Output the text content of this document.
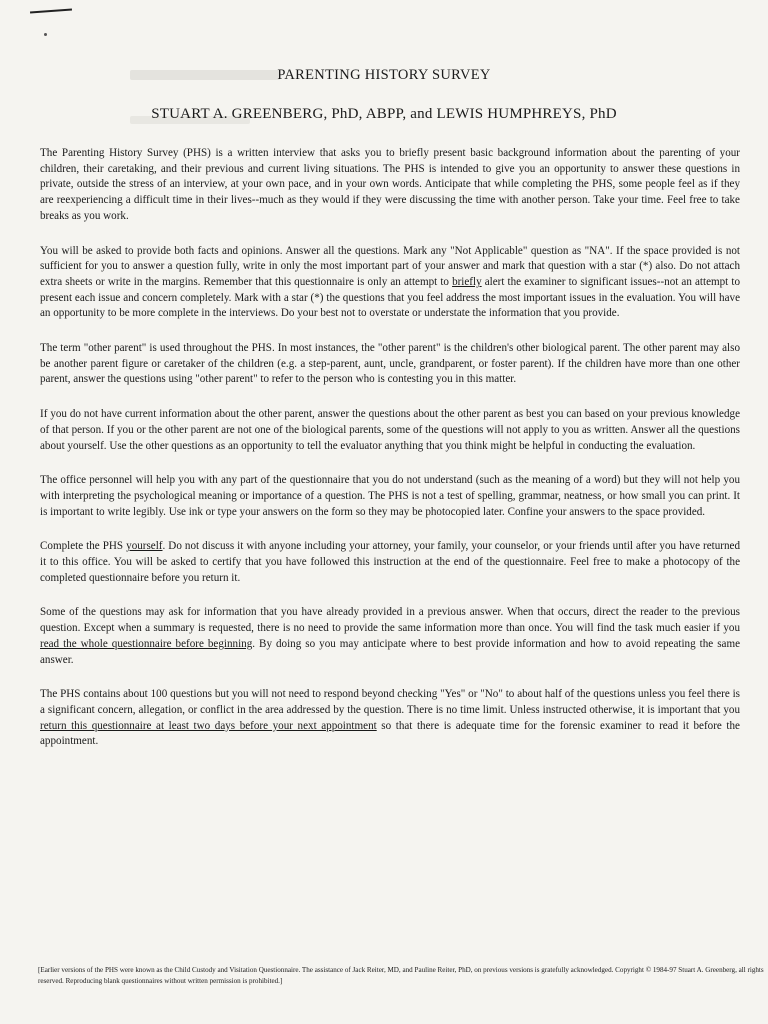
PARENTING HISTORY SURVEY
STUART A. GREENBERG, PhD, ABPP, and LEWIS HUMPHREYS, PhD

The Parenting History Survey (PHS) is a written interview that asks you to briefly present basic background information about the parenting of your children, their caretaking, and their previous and current living situations. The PHS is intended to give you an opportunity to answer these questions in private, outside the stress of an interview, at your own pace, and in your own words. Anticipate that while completing the PHS, some people feel as if they are reexperiencing a difficult time in their lives--much as they would if they were discussing the time with another person. Take your time. Feel free to take breaks as you work.

You will be asked to provide both facts and opinions. Answer all the questions. Mark any "Not Applicable" question as "NA". If the space provided is not sufficient for you to answer a question fully, write in only the most important part of your answer and mark that question with a star (*) also. Do not attach extra sheets or write in the margins. Remember that this questionnaire is only an attempt to briefly alert the examiner to significant issues--not an attempt to present each issue and concern completely. Mark with a star (*) the questions that you feel address the most important issues in the evaluation. You will have an opportunity to be more complete in the interviews. Do your best not to overstate or understate the information that you provide.

The term "other parent" is used throughout the PHS. In most instances, the "other parent" is the children's other biological parent. The other parent may also be another parent figure or caretaker of the children (e.g. a step-parent, aunt, uncle, grandparent, or foster parent). If the children have more than one other parent, answer the questions using "other parent" to refer to the person who is contesting you in this matter.

If you do not have current information about the other parent, answer the questions about the other parent as best you can based on your previous knowledge of that person. If you or the other parent are not one of the biological parents, some of the questions will not apply to you as written. Answer all the questions about yourself. Use the other questions as an opportunity to tell the evaluator anything that you think might be helpful in conducting the evaluation.

The office personnel will help you with any part of the questionnaire that you do not understand (such as the meaning of a word) but they will not help you with interpreting the psychological meaning or importance of a question. The PHS is not a test of spelling, grammar, neatness, or how small you can print. It is important to write legibly. Use ink or type your answers on the form so they may be photocopied later. Confine your answers to the space provided.

Complete the PHS yourself. Do not discuss it with anyone including your attorney, your family, your counselor, or your friends until after you have returned it to this office. You will be asked to certify that you have followed this instruction at the end of the questionnaire. Feel free to make a photocopy of the completed questionnaire before you return it.

Some of the questions may ask for information that you have already provided in a previous answer. When that occurs, direct the reader to the previous question. Except when a summary is requested, there is no need to provide the same information more than once. You will find the task much easier if you read the whole questionnaire before beginning. By doing so you may anticipate where to best provide information and how to avoid repeating the same answer.

The PHS contains about 100 questions but you will not need to respond beyond checking "Yes" or "No" to about half of the questions unless you feel there is a significant concern, allegation, or conflict in the area addressed by the question. There is no time limit. Unless instructed otherwise, it is important that you return this questionnaire at least two days before your next appointment so that there is adequate time for the forensic examiner to read it before the appointment.

[Earlier versions of the PHS were known as the Child Custody and Visitation Questionnaire. The assistance of Jack Reiter, MD, and Pauline Reiter, PhD, on previous versions is gratefully acknowledged. Copyright © 1984-97 Stuart A. Greenberg, all rights reserved. Reproducing blank questionnaires without written permission is prohibited.]
